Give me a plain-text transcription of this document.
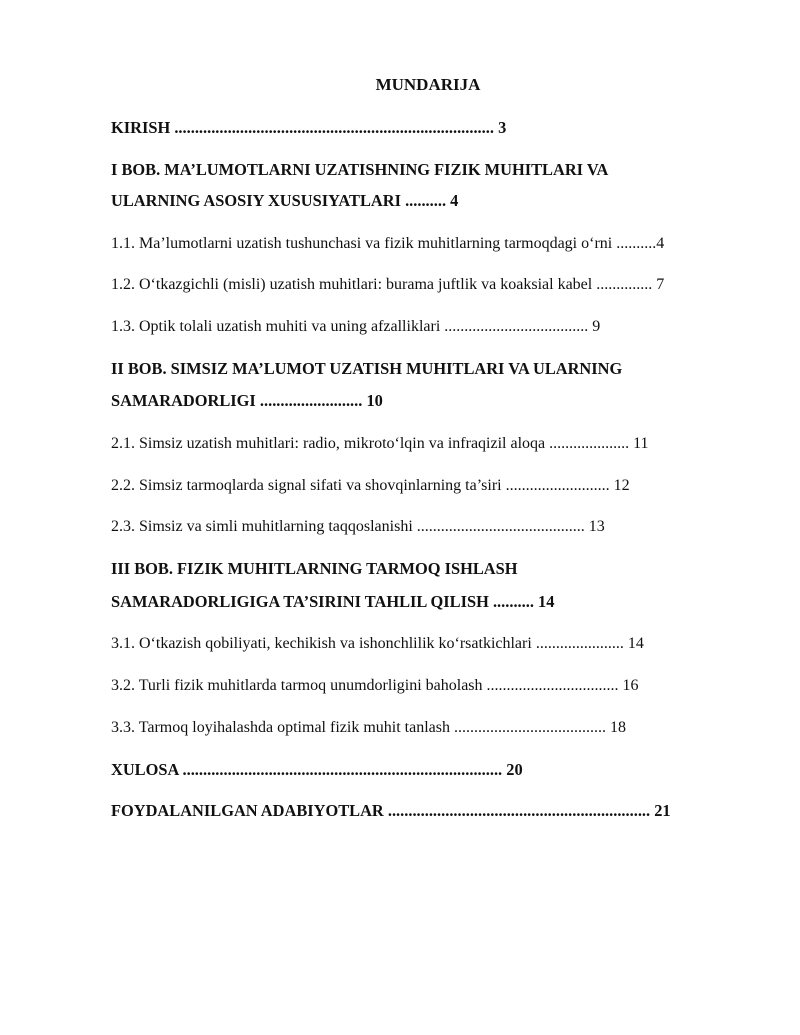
MUNDARIJA
KIRISH .............................................................................. 3
I BOB. MA’LUMOTLARNI UZATISHNING FIZIK MUHITLARI VA
ULARNING ASOSIY XUSUSIYATLARI .......... 4
1.1. Ma’lumotlarni uzatish tushunchasi va fizik muhitlarning tarmoqdagi o‘rni ..........4
1.2. O‘tkazgichli (misli) uzatish muhitlari: burama juftlik va koaksial kabel .............. 7
1.3. Optik tolali uzatish muhiti va uning afzalliklari .................................... 9
II BOB. SIMSIZ MA’LUMOT UZATISH MUHITLARI VA ULARNING
SAMARADORLIGI ......................... 10
2.1. Simsiz uzatish muhitlari: radio, mikroto‘lqin va infraqizil aloqa .................... 11
2.2. Simsiz tarmoqlarda signal sifati va shovqinlarning ta’siri .......................... 12
2.3. Simsiz va simli muhitlarning taqqoslanishi .......................................... 13
III BOB. FIZIK MUHITLARNING TARMOQ ISHLASH
SAMARADORLIGIGA TA’SIRINI TAHLIL QILISH .......... 14
3.1. O‘tkazish qobiliyati, kechikish va ishonchlilik ko‘rsatkichlari ...................... 14
3.2. Turli fizik muhitlarda tarmoq unumdorligini baholash ................................. 16
3.3. Tarmoq loyihalashda optimal fizik muhit tanlash ...................................... 18
XULOSA .............................................................................. 20
FOYDALANILGAN ADABIYOTLAR ................................................................ 21
